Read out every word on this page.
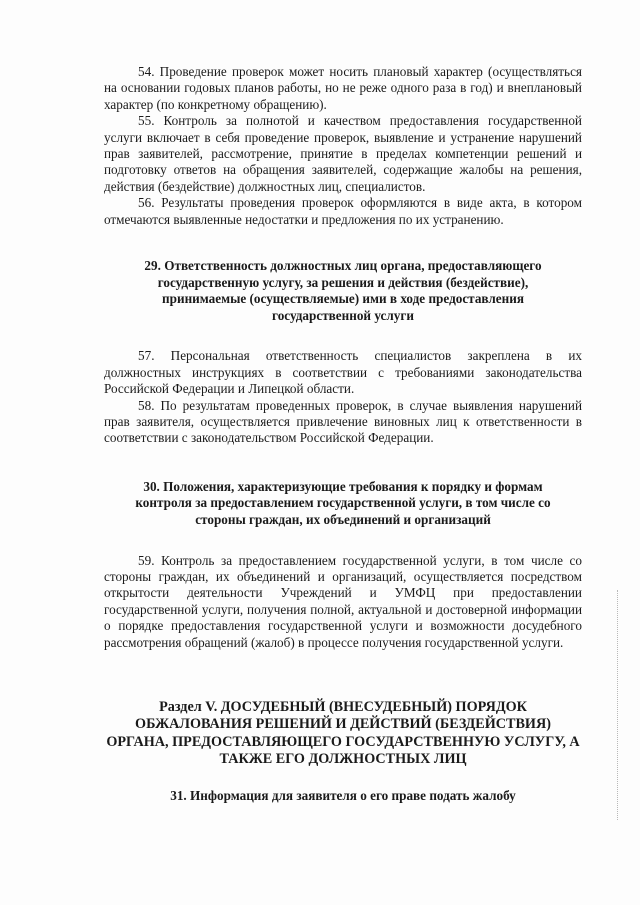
54. Проведение проверок может носить плановый характер (осуществляться на основании годовых планов работы, но не реже одного раза в год) и внеплановый характер (по конкретному обращению).

55. Контроль за полнотой и качеством предоставления государственной услуги включает в себя проведение проверок, выявление и устранение нарушений прав заявителей, рассмотрение, принятие в пределах компетенции решений и подготовку ответов на обращения заявителей, содержащие жалобы на решения, действия (бездействие) должностных лиц, специалистов.

56. Результаты проведения проверок оформляются в виде акта, в котором отмечаются выявленные недостатки и предложения по их устранению.

29. Ответственность должностных лиц органа, предоставляющего государственную услугу, за решения и действия (бездействие), принимаемые (осуществляемые) ими в ходе предоставления государственной услуги

57. Персональная ответственность специалистов закреплена в их должностных инструкциях в соответствии с требованиями законодательства Российской Федерации и Липецкой области.

58. По результатам проведенных проверок, в случае выявления нарушений прав заявителя, осуществляется привлечение виновных лиц к ответственности в соответствии с законодательством Российской Федерации.

30. Положения, характеризующие требования к порядку и формам контроля за предоставлением государственной услуги, в том числе со стороны граждан, их объединений и организаций

59. Контроль за предоставлением государственной услуги, в том числе со стороны граждан, их объединений и организаций, осуществляется посредством открытости деятельности Учреждений и УМФЦ при предоставлении государственной услуги, получения полной, актуальной и достоверной информации о порядке предоставления государственной услуги и возможности досудебного рассмотрения обращений (жалоб) в процессе получения государственной услуги.

Раздел V. ДОСУДЕБНЫЙ (ВНЕСУДЕБНЫЙ) ПОРЯДОК ОБЖАЛОВАНИЯ РЕШЕНИЙ И ДЕЙСТВИЙ (БЕЗДЕЙСТВИЯ) ОРГАНА, ПРЕДОСТАВЛЯЮЩЕГО ГОСУДАРСТВЕННУЮ УСЛУГУ, А ТАКЖЕ ЕГО ДОЛЖНОСТНЫХ ЛИЦ

31. Информация для заявителя о его праве подать жалобу
